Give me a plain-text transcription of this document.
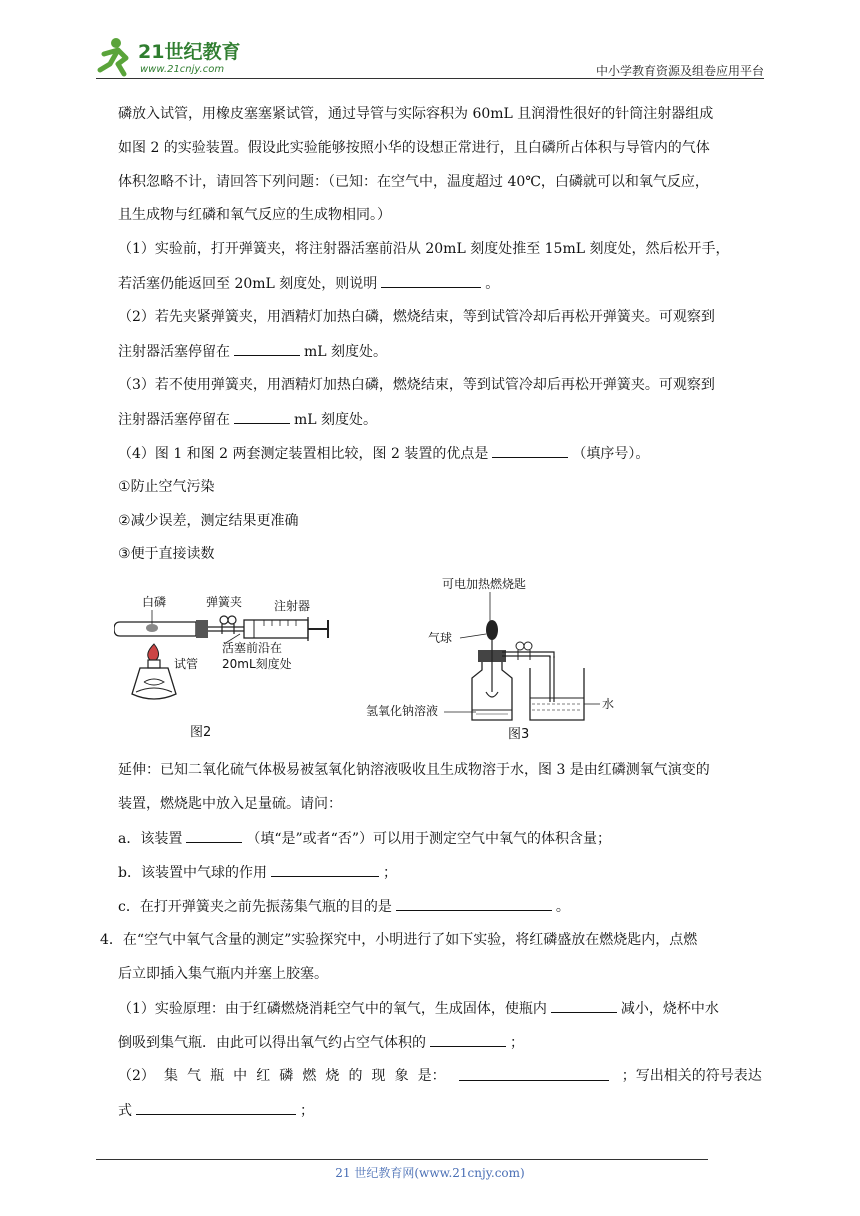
21世纪教育
www.21cnjy.com	中小学教育资源及组卷应用平台
磷放入试管，用橡皮塞塞紧试管，通过导管与实际容积为 60mL 且润滑性很好的针筒注射器组成
如图 2 的实验装置。假设此实验能够按照小华的设想正常进行，且白磷所占体积与导管内的气体
体积忽略不计，请回答下列问题：（已知：在空气中，温度超过 40℃，白磷就可以和氧气反应，
且生成物与红磷和氧气反应的生成物相同。）
（1）实验前，打开弹簧夹，将注射器活塞前沿从 20mL 刻度处推至 15mL 刻度处，然后松开手，
若活塞仍能返回至 20mL 刻度处，则说明	。
（2）若先夹紧弹簧夹，用酒精灯加热白磷，燃烧结束，等到试管冷却后再松开弹簧夹。可观察到
注射器活塞停留在	mL 刻度处。
（3）若不使用弹簧夹，用酒精灯加热白磷，燃烧结束，等到试管冷却后再松开弹簧夹。可观察到
注射器活塞停留在	mL 刻度处。
（4）图 1 和图 2 两套测定装置相比较，图 2 装置的优点是	（填序号）。
①防止空气污染
②减少误差，测定结果更准确
③便于直接读数
白磷	弹簧夹	注射器
试管
活塞前沿在
20mL刻度处
图2
可电加热燃烧匙
气球
氢氧化钠溶液	水
图3
延伸：已知二氧化硫气体极易被氢氧化钠溶液吸收且生成物溶于水，图 3 是由红磷测氧气演变的
装置，燃烧匙中放入足量硫。请问：
a．该装置	（填“是”或者“否”）可以用于测定空气中氧气的体积含量；
b．该装置中气球的作用	；
c．在打开弹簧夹之前先振荡集气瓶的目的是	。
4．在“空气中氧气含量的测定”实验探究中，小明进行了如下实验，将红磷盛放在燃烧匙内，点燃
后立即插入集气瓶内并塞上胶塞。
（1）实验原理：由于红磷燃烧消耗空气中的氧气，生成固体，使瓶内	减小，烧杯中水
倒吸到集气瓶．由此可以得出氧气约占空气体积的	；
（2） 集 气 瓶 中 红 磷 燃 烧 的 现 象 是：	；写出相关的符号表达
式	；
21 世纪教育网(www.21cnjy.com)
